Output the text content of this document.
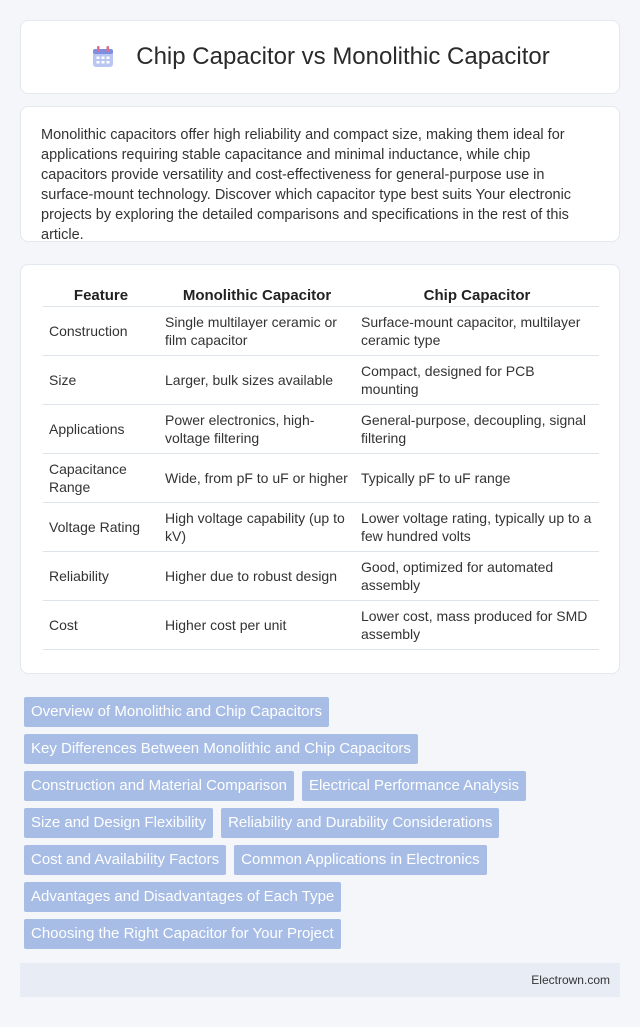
Chip Capacitor vs Monolithic Capacitor

Monolithic capacitors offer high reliability and compact size, making them ideal for applications requiring stable capacitance and minimal inductance, while chip capacitors provide versatility and cost-effectiveness for general-purpose use in surface-mount technology. Discover which capacitor type best suits Your electronic projects by exploring the detailed comparisons and specifications in the rest of this article.

Feature	Monolithic Capacitor	Chip Capacitor
Construction	Single multilayer ceramic or film capacitor	Surface-mount capacitor, multilayer ceramic type
Size	Larger, bulk sizes available	Compact, designed for PCB mounting
Applications	Power electronics, high-voltage filtering	General-purpose, decoupling, signal filtering
Capacitance Range	Wide, from pF to uF or higher	Typically pF to uF range
Voltage Rating	High voltage capability (up to kV)	Lower voltage rating, typically up to a few hundred volts
Reliability	Higher due to robust design	Good, optimized for automated assembly
Cost	Higher cost per unit	Lower cost, mass produced for SMD assembly
Overview of Monolithic and Chip Capacitors
Key Differences Between Monolithic and Chip Capacitors
Construction and Material Comparison	Electrical Performance Analysis
Size and Design Flexibility	Reliability and Durability Considerations
Cost and Availability Factors	Common Applications in Electronics
Advantages and Disadvantages of Each Type
Choosing the Right Capacitor for Your Project
Electrown.com
